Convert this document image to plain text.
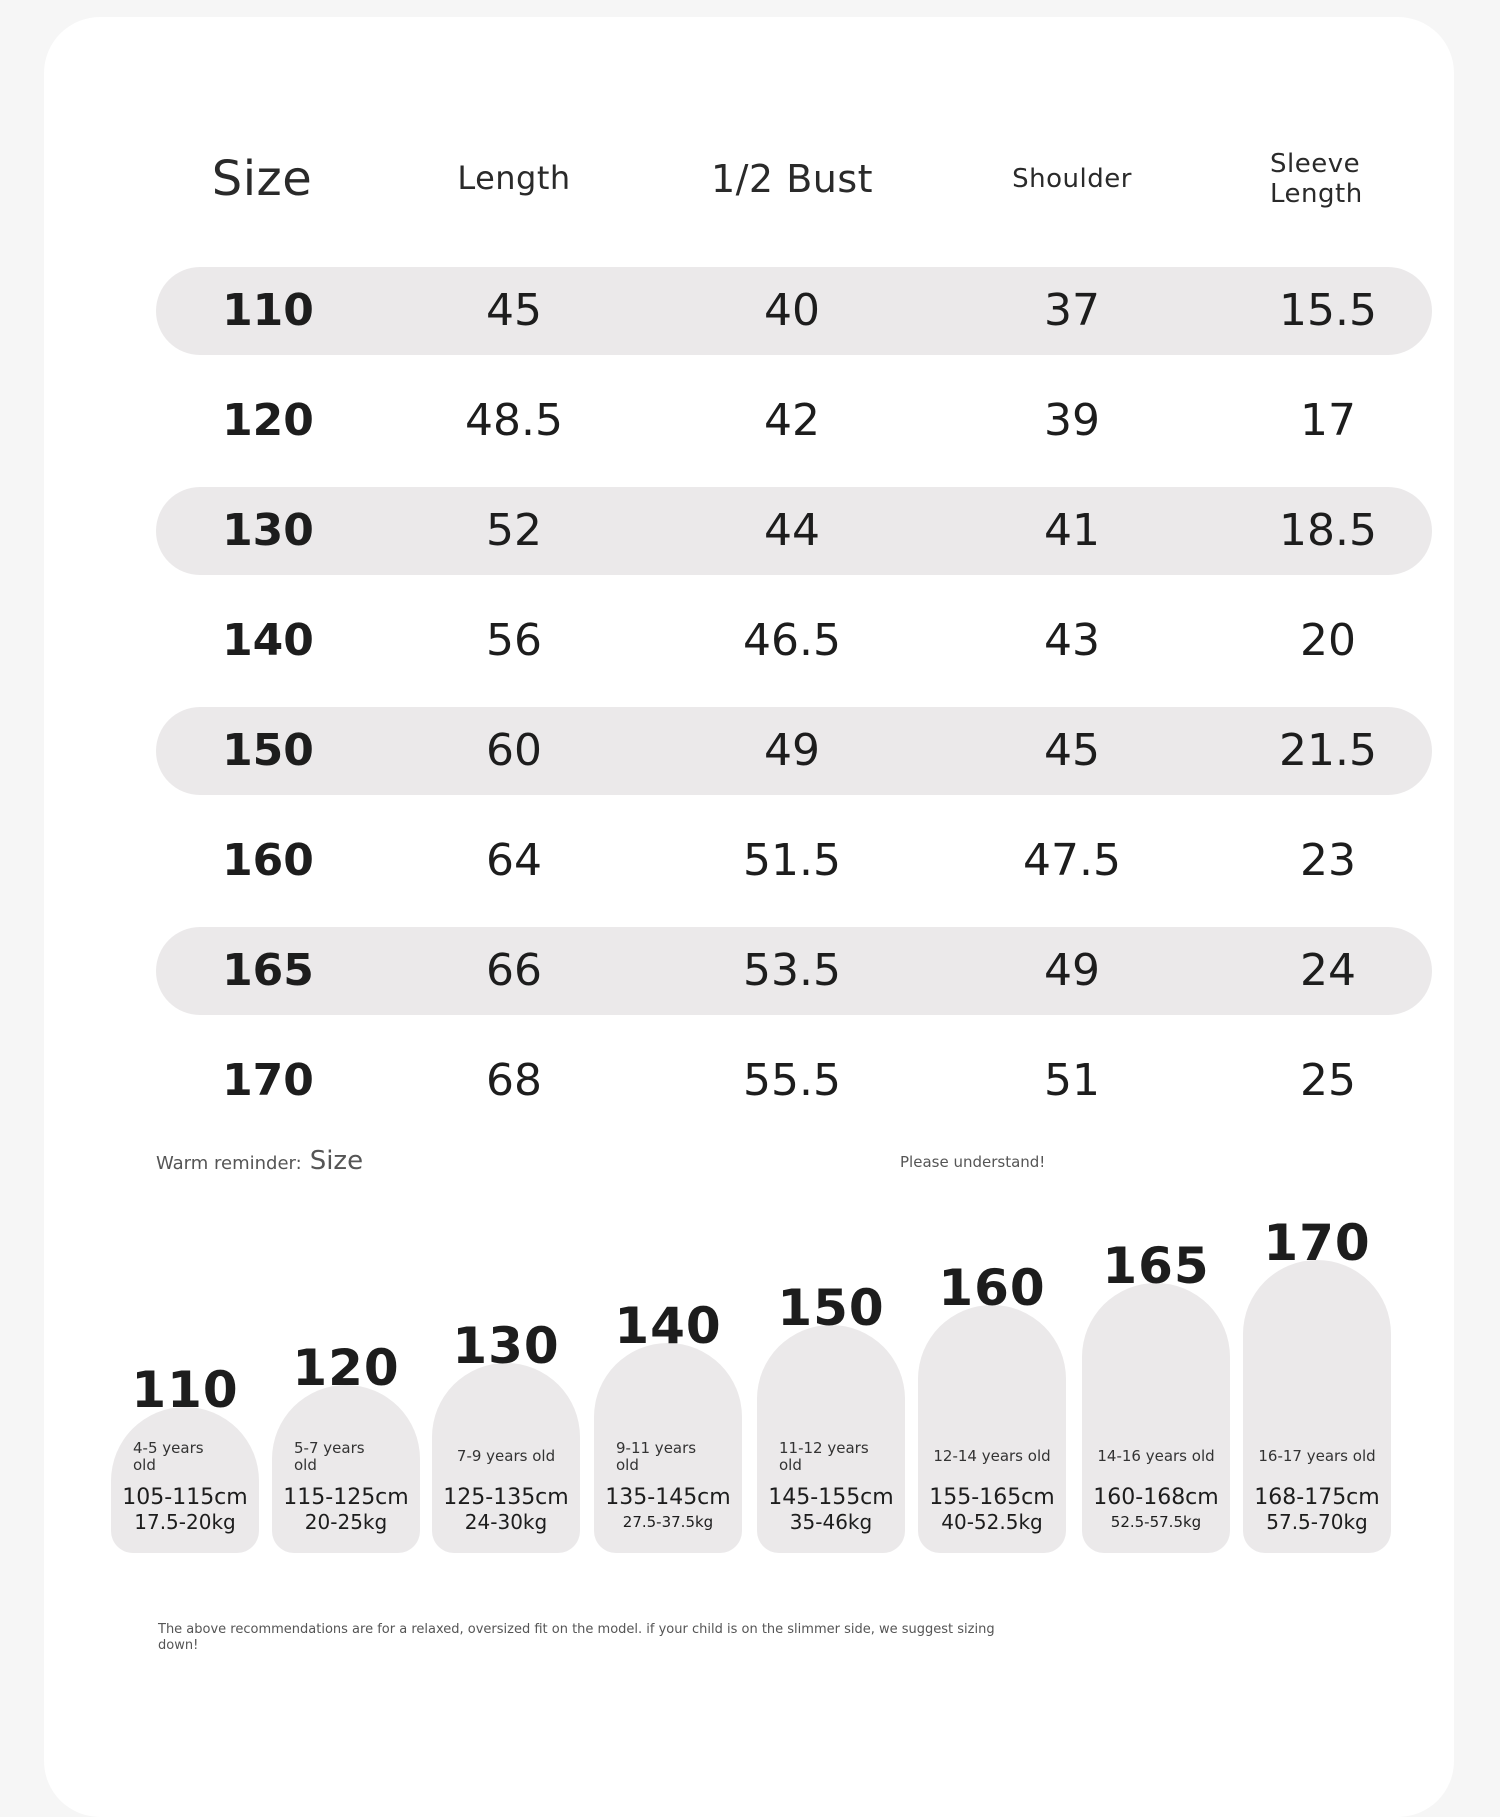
Size	Length	1/2 Bust	Shoulder	Sleeve Length
110	45	40	37	15.5
120	48.5	42	39	17
130	52	44	41	18.5
140	56	46.5	43	20
150	60	49	45	21.5
160	64	51.5	47.5	23
165	66	53.5	49	24
170	68	55.5	51	25
Warm reminder: Size	Please understand!
4-5 years
old
105-115cm
17.5-20kg
110
5-7 years
old
115-125cm
20-25kg
120
7-9 years old
125-135cm
24-30kg
130
9-11 years
old
135-145cm
27.5-37.5kg
140
11-12 years
old
145-155cm
35-46kg
150
12-14 years old
155-165cm
40-52.5kg
160
14-16 years old
160-168cm
52.5-57.5kg
165
16-17 years old
168-175cm
57.5-70kg
170
The above recommendations are for a relaxed, oversized fit on the model. if your child is on the slimmer side, we suggest sizing down!
